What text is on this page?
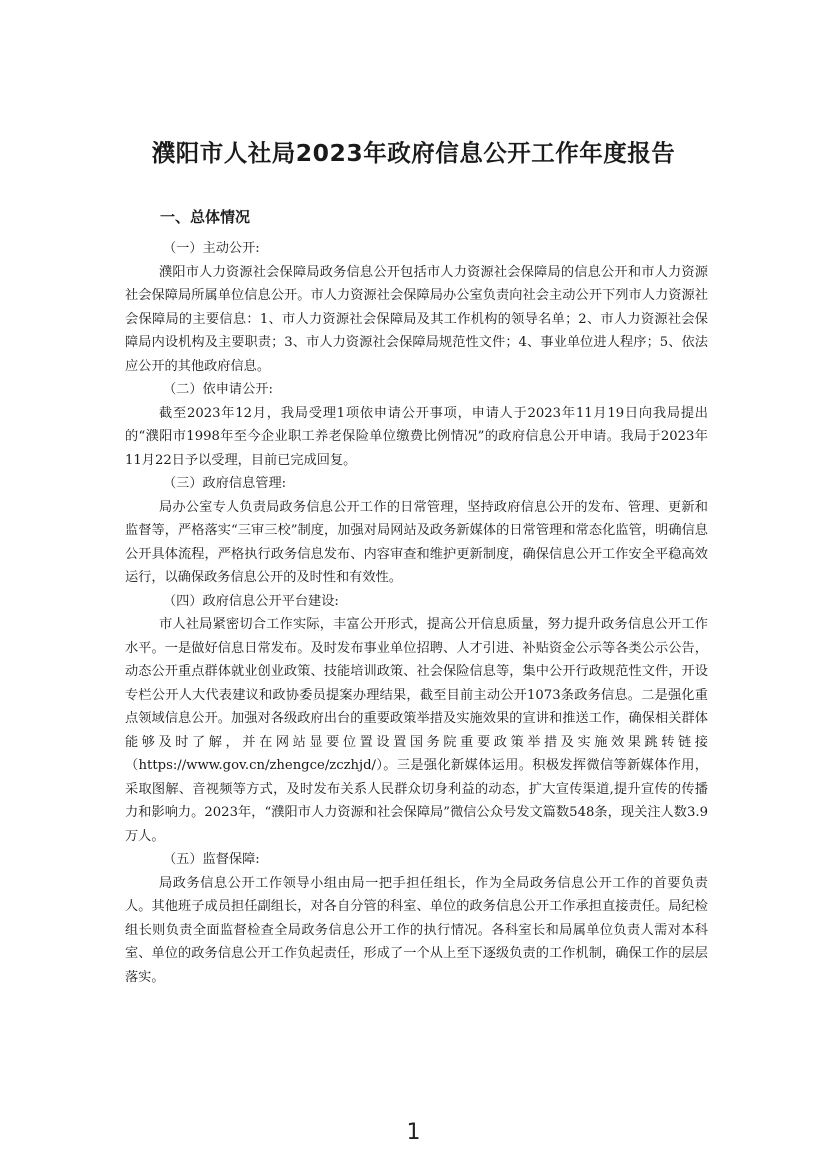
濮阳市人社局2023年政府信息公开工作年度报告
一、总体情况

（一）主动公开:

濮阳市人力资源社会保障局政务信息公开包括市人力资源社会保障局的信息公开和市人力资源社会保障局所属单位信息公开。市人力资源社会保障局办公室负责向社会主动公开下列市人力资源社会保障局的主要信息：1、市人力资源社会保障局及其工作机构的领导名单；2、市人力资源社会保障局内设机构及主要职责；3、市人力资源社会保障局规范性文件；4、事业单位进人程序；5、依法应公开的其他政府信息。

（二）依申请公开:

截至2023年12月，我局受理1项依申请公开事项，申请人于2023年11月19日向我局提出的“濮阳市1998年至今企业职工养老保险单位缴费比例情况”的政府信息公开申请。我局于2023年11月22日予以受理，目前已完成回复。

（三）政府信息管理:

局办公室专人负责局政务信息公开工作的日常管理，坚持政府信息公开的发布、管理、更新和监督等，严格落实“三审三校”制度，加强对局网站及政务新媒体的日常管理和常态化监管，明确信息公开具体流程，严格执行政务信息发布、内容审查和维护更新制度，确保信息公开工作安全平稳高效运行，以确保政务信息公开的及时性和有效性。

（四）政府信息公开平台建设:

市人社局紧密切合工作实际，丰富公开形式，提高公开信息质量，努力提升政务信息公开工作水平。一是做好信息日常发布。及时发布事业单位招聘、人才引进、补贴资金公示等各类公示公告，动态公开重点群体就业创业政策、技能培训政策、社会保险信息等，集中公开行政规范性文件，开设专栏公开人大代表建议和政协委员提案办理结果，截至目前主动公开1073条政务信息。二是强化重点领域信息公开。加强对各级政府出台的重要政策举措及实施效果的宣讲和推送工作，确保相关群体能够及时了解，并在网站显要位置设置国务院重要政策举措及实施效果跳转链接（https://www.gov.cn/zhengce/zczhjd/）。三是强化新媒体运用。积极发挥微信等新媒体作用，采取图解、音视频等方式，及时发布关系人民群众切身利益的动态，扩大宣传渠道,提升宣传的传播力和影响力。2023年，“濮阳市人力资源和社会保障局”微信公众号发文篇数548条，现关注人数3.9万人。

（五）监督保障:

局政务信息公开工作领导小组由局一把手担任组长，作为全局政务信息公开工作的首要负责人。其他班子成员担任副组长，对各自分管的科室、单位的政务信息公开工作承担直接责任。局纪检组长则负责全面监督检查全局政务信息公开工作的执行情况。各科室长和局属单位负责人需对本科室、单位的政务信息公开工作负起责任，形成了一个从上至下逐级负责的工作机制，确保工作的层层落实。

1
